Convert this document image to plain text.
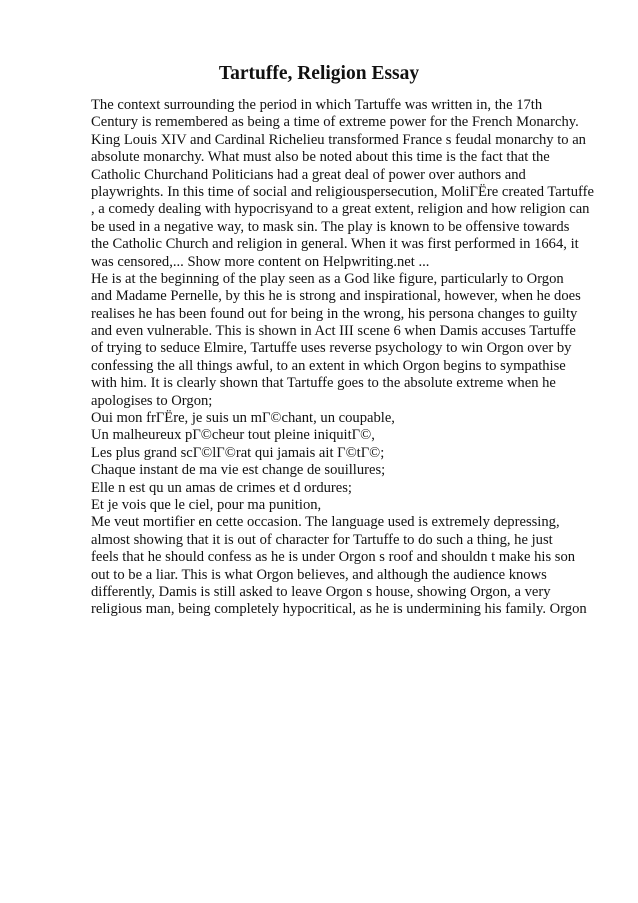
Tartuffe, Religion Essay
The context surrounding the period in which Tartuffe was written in, the 17th
Century is remembered as being a time of extreme power for the French Monarchy.
King Louis XIV and Cardinal Richelieu transformed France s feudal monarchy to an
absolute monarchy. What must also be noted about this time is the fact that the
Catholic Churchand Politicians had a great deal of power over authors and
playwrights. In this time of social and religiouspersecution, MoliГËre created Tartuffe
, a comedy dealing with hypocrisyand to a great extent, religion and how religion can
be used in a negative way, to mask sin. The play is known to be offensive towards
the Catholic Church and religion in general. When it was first performed in 1664, it
was censored,... Show more content on Helpwriting.net ...
He is at the beginning of the play seen as a God like figure, particularly to Orgon
and Madame Pernelle, by this he is strong and inspirational, however, when he does
realises he has been found out for being in the wrong, his persona changes to guilty
and even vulnerable. This is shown in Act III scene 6 when Damis accuses Tartuffe
of trying to seduce Elmire, Tartuffe uses reverse psychology to win Orgon over by
confessing the all things awful, to an extent in which Orgon begins to sympathise
with him. It is clearly shown that Tartuffe goes to the absolute extreme when he
apologises to Orgon;
Oui mon frГËre, je suis un mГ©chant, un coupable,
Un malheureux pГ©cheur tout pleine iniquitГ©,
Les plus grand scГ©lГ©rat qui jamais ait Г©tГ©;
Chaque instant de ma vie est change de souillures;
Elle n est qu un amas de crimes et d ordures;
Et je vois que le ciel, pour ma punition,
Me veut mortifier en cette occasion. The language used is extremely depressing,
almost showing that it is out of character for Tartuffe to do such a thing, he just
feels that he should confess as he is under Orgon s roof and shouldn t make his son
out to be a liar. This is what Orgon believes, and although the audience knows
differently, Damis is still asked to leave Orgon s house, showing Orgon, a very
religious man, being completely hypocritical, as he is undermining his family. Orgon
